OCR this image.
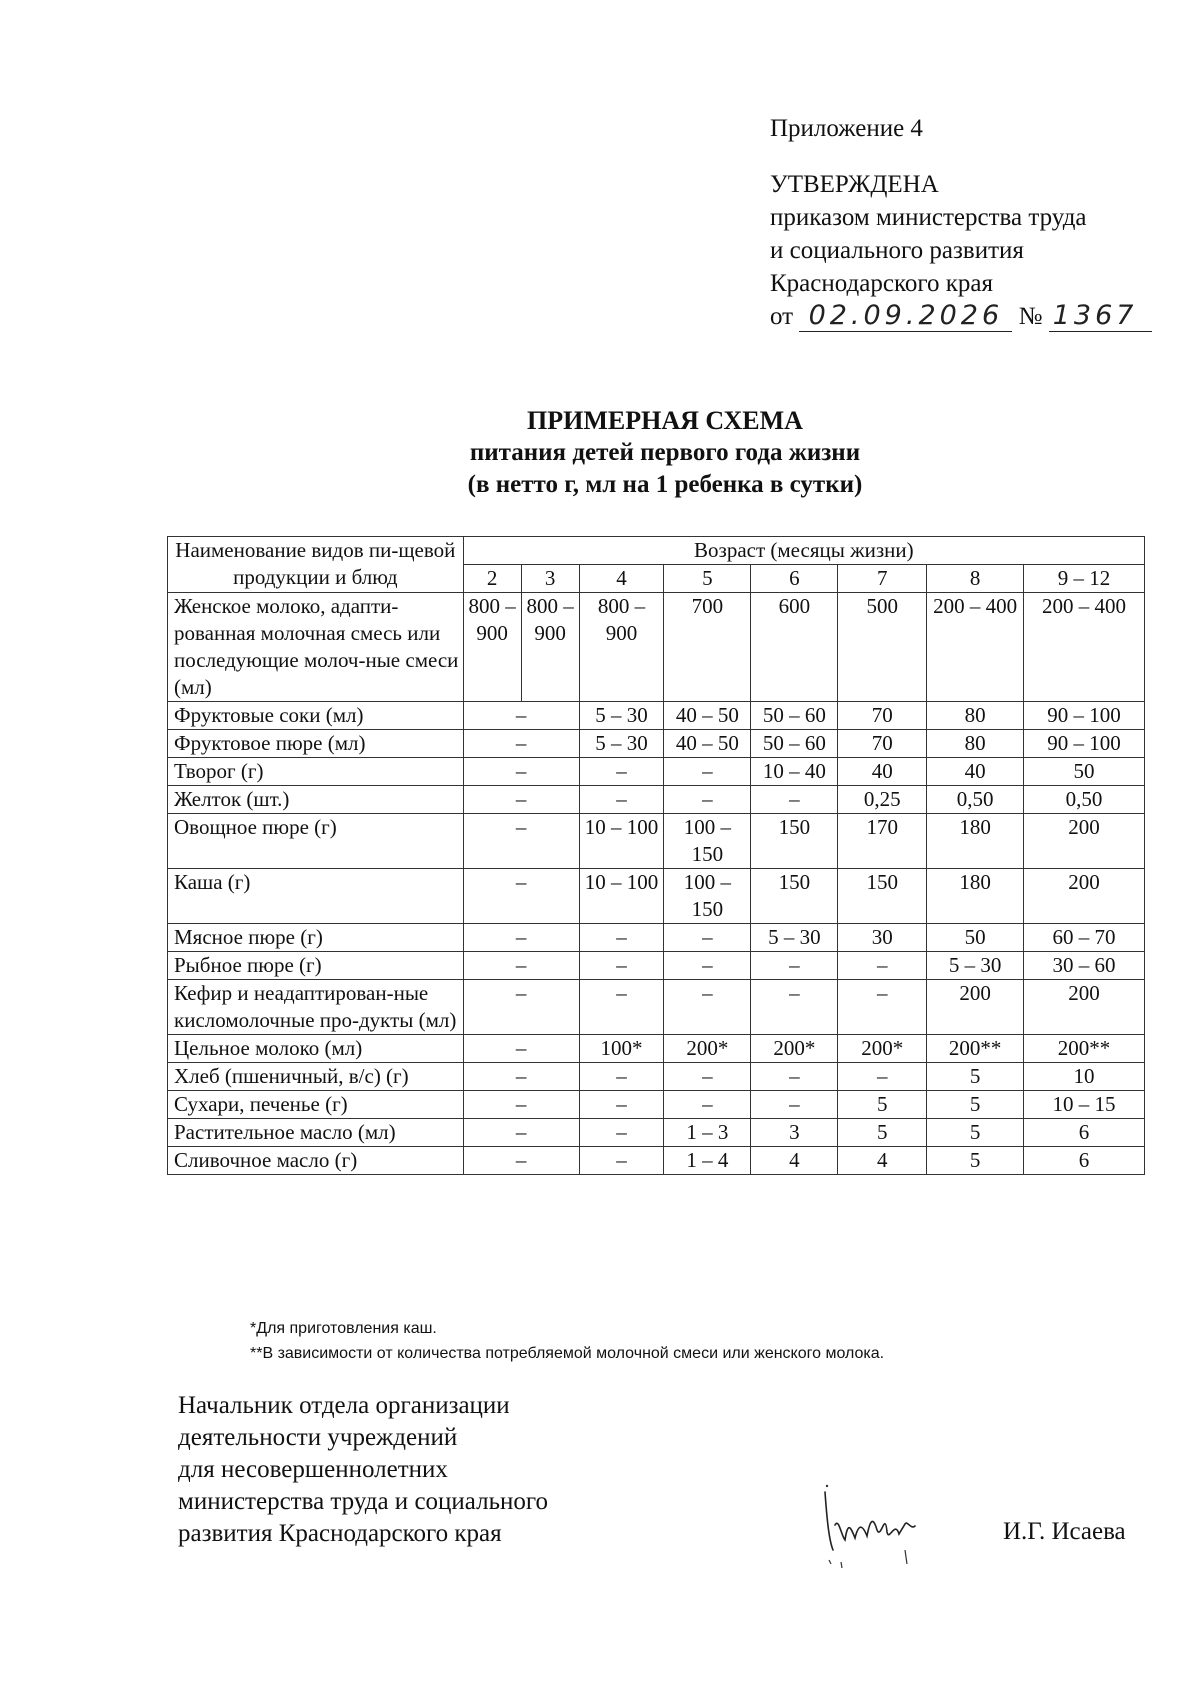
Приложение 4
УТВЕРЖДЕНА
приказом министерства труда
и социального развития
Краснодарского края
от 02.09.2026 № 1367
ПРИМЕРНАЯ СХЕМА
питания детей первого года жизни
(в нетто г, мл на 1 ребенка в сутки)
Наименование видов пи-щевой продукции и блюд	Возраст (месяцы жизни)							
	2	3	4	5	6	7	8	9 – 12
Женское молоко, адапти-рованная молочная смесь или последующие молоч-ные смеси (мл)	800 – 900	800 – 900	800 – 900	700	600	500	200 – 400	200 – 400
Фруктовые соки (мл)	–		5 – 30	40 – 50	50 – 60	70	80	90 – 100
Фруктовое пюре (мл)	–		5 – 30	40 – 50	50 – 60	70	80	90 – 100
Творог (г)	–		–	–	10 – 40	40	40	50
Желток (шт.)	–		–	–	–	0,25	0,50	0,50
Овощное пюре (г)	–		10 – 100	100 – 150	150	170	180	200
Каша (г)	–		10 – 100	100 – 150	150	150	180	200
Мясное пюре (г)	–		–	–	5 – 30	30	50	60 – 70
Рыбное пюре (г)	–		–	–	–	–	5 – 30	30 – 60
Кефир и неадаптирован-ные кисломолочные про-дукты (мл)	–		–	–	–	–	200	200
Цельное молоко (мл)	–		100*	200*	200*	200*	200**	200**
Хлеб (пшеничный, в/с) (г)	–		–	–	–	–	5	10
Сухари, печенье (г)	–		–	–	–	5	5	10 – 15
Растительное масло (мл)	–		–	1 – 3	3	5	5	6
Сливочное масло (г)	–		–	1 – 4	4	4	5	6
*Для приготовления каш.
**В зависимости от количества потребляемой молочной смеси или женского молока.
Начальник отдела организации
деятельности учреждений
для несовершеннолетних
министерства труда и социального
развития Краснодарского края	И.Г. Исаева
